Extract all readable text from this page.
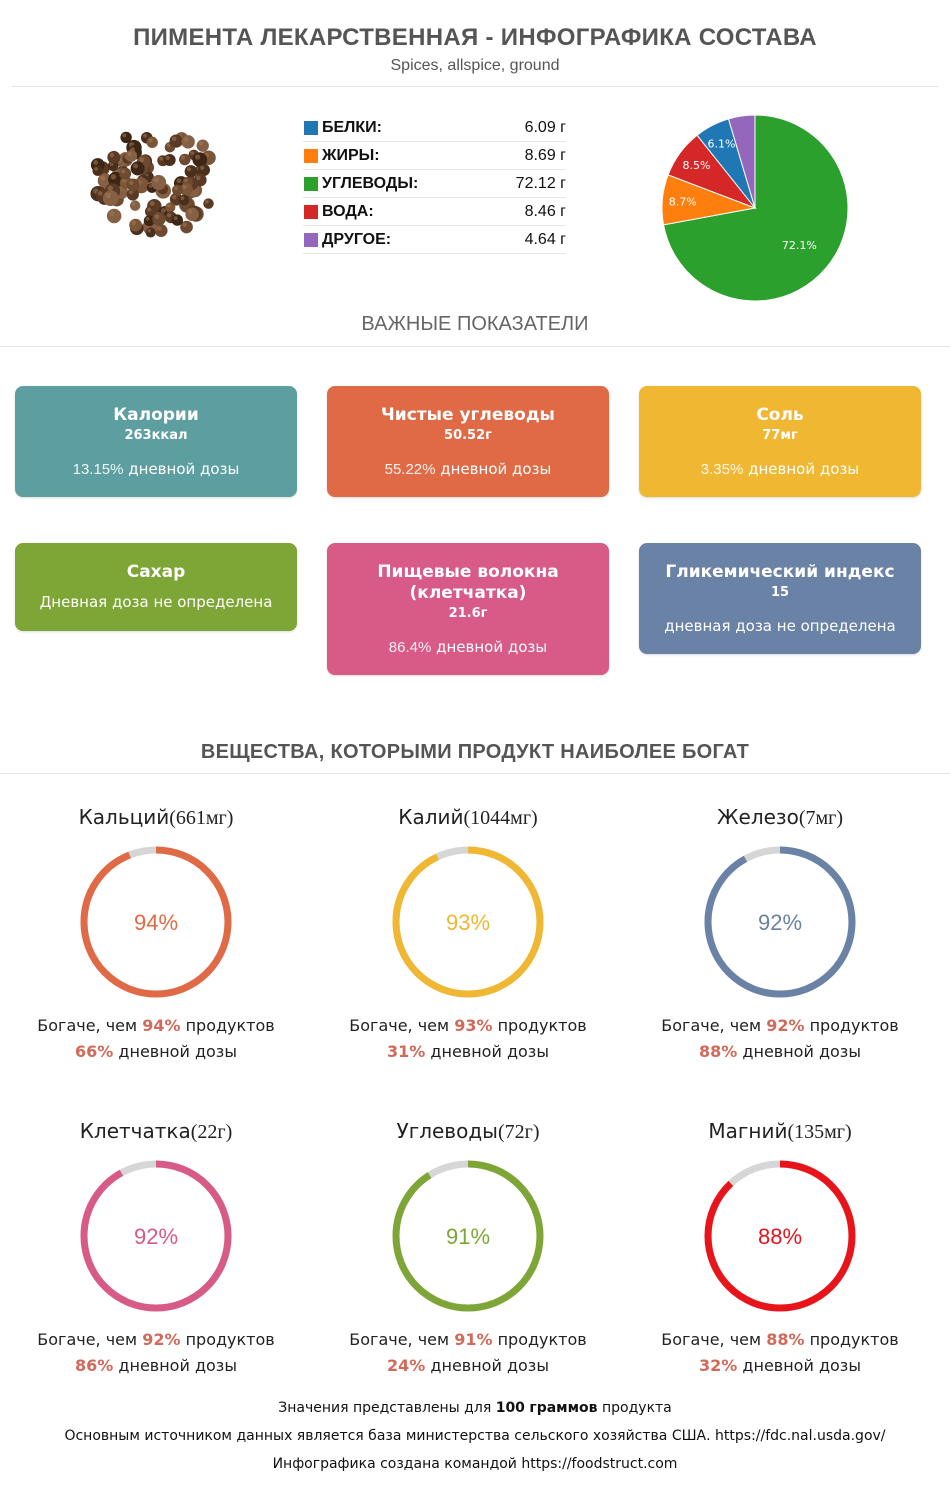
ПИМЕНТА ЛЕКАРСТВЕННАЯ - ИНФОГРАФИКА СОСТАВА
Spices, allspice, ground
БЕЛКИ:	6.09 г
ЖИРЫ:	8.69 г
УГЛЕВОДЫ:	72.12 г
ВОДА:	8.46 г
ДРУГОЕ:	4.64 г	72.1%
8.7%
8.5%
6.1%
ВАЖНЫЕ ПОКАЗАТЕЛИ
Калории
263ккал
13.15% дневной дозы
Чистые углеводы
50.52г
55.22% дневной дозы
Соль
77мг
3.35% дневной дозы
Сахар
Дневная доза не определена
Пищевые волокна (клетчатка)
21.6г
86.4% дневной дозы
Гликемический индекс
15
дневная доза не определена
ВЕЩЕСТВА, КОТОРЫМИ ПРОДУКТ НАИБОЛЕЕ БОГАТ
Кальций(661мг)
94%
Богаче, чем 94% продуктов
66% дневной дозы
Калий(1044мг)
93%
Богаче, чем 93% продуктов
31% дневной дозы
Железо(7мг)
92%
Богаче, чем 92% продуктов
88% дневной дозы
Клетчатка(22г)
92%
Богаче, чем 92% продуктов
86% дневной дозы
Углеводы(72г)
91%
Богаче, чем 91% продуктов
24% дневной дозы
Магний(135мг)
88%
Богаче, чем 88% продуктов
32% дневной дозы
Значения представлены для 100 граммов продукта
Основным источником данных является база министерства сельского хозяйства США. https://fdc.nal.usda.gov/
Инфографика создана командой https://foodstruct.com
